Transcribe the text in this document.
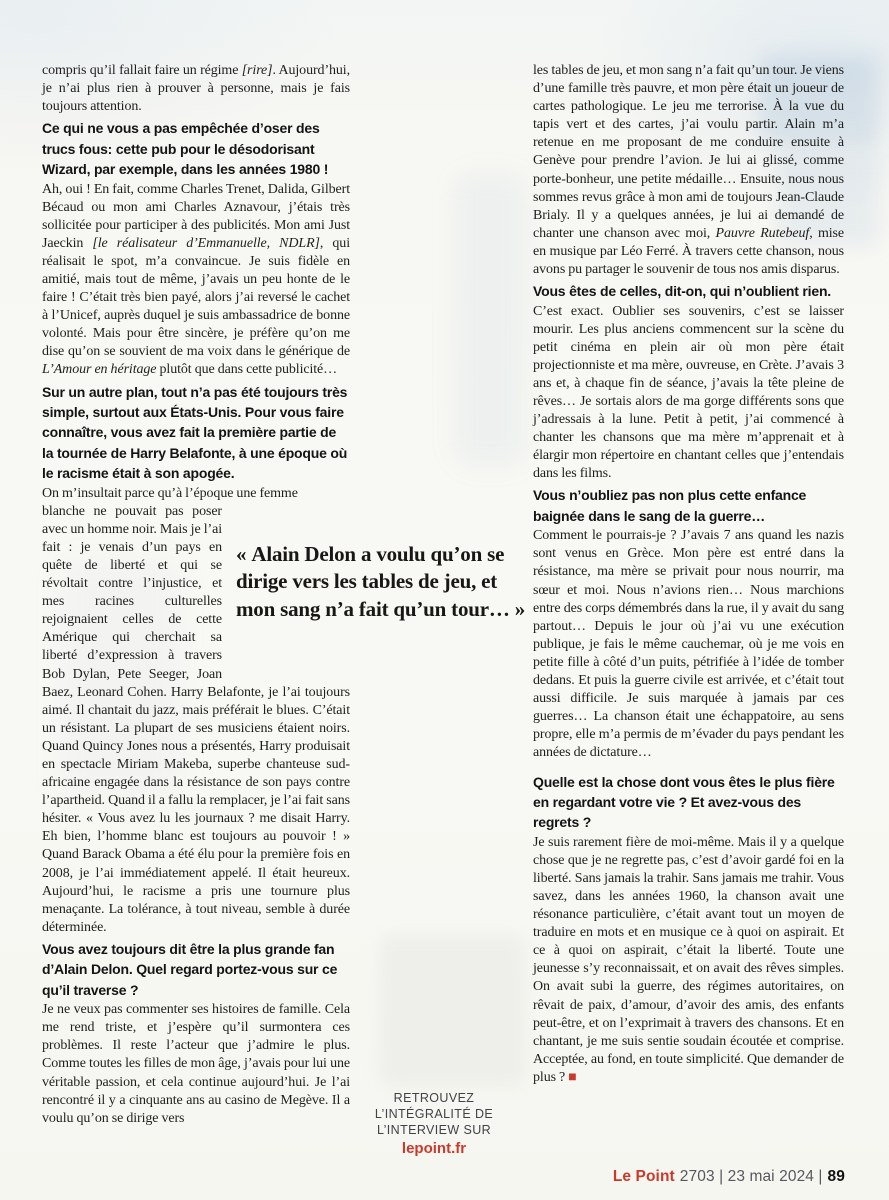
compris qu’il fallait faire un régime [rire]. Aujourd’hui, je n’ai plus rien à prouver à personne, mais je fais toujours attention.

Ce qui ne vous a pas empêchée d’oser des trucs fous: cette pub pour le désodorisant Wizard, par exemple, dans les années 1980 !

Ah, oui ! En fait, comme Charles Trenet, Dalida, Gilbert Bécaud ou mon ami Charles Aznavour, j’étais très sollicitée pour participer à des publicités. Mon ami Just Jaeckin [le réalisateur d’Emmanuelle, NDLR], qui réalisait le spot, m’a convaincue. Je suis fidèle en amitié, mais tout de même, j’avais un peu honte de le faire ! C’était très bien payé, alors j’ai reversé le cachet à l’Unicef, auprès duquel je suis ambassadrice de bonne volonté. Mais pour être sincère, je préfère qu’on me dise qu’on se souvient de ma voix dans le générique de L’Amour en héritage plutôt que dans cette publicité…

Sur un autre plan, tout n’a pas été toujours très simple, surtout aux États-Unis. Pour vous faire connaître, vous avez fait la première partie de la tournée de Harry Belafonte, à une époque où le racisme était à son apogée.

On m’insultait parce qu’à l’époque une femme

blanche ne pouvait pas poser avec un homme noir. Mais je l’ai fait : je venais d’un pays en quête de liberté et qui se révoltait contre l’injustice, et mes racines culturelles rejoignaient celles de cette Amérique qui cherchait sa liberté d’expression à travers Bob Dylan, Pete Seeger, Joan Baez, Leonard Cohen. Harry Belafonte, je l’ai toujours aimé. Il chantait du jazz, mais préférait le blues. C’était un résistant. La plupart de ses musiciens étaient noirs. Quand Quincy Jones nous a présentés, Harry produisait en spectacle Miriam Makeba, superbe chanteuse sud-africaine engagée dans la résistance de son pays contre l’apartheid. Quand il a fallu la remplacer, je l’ai fait sans hésiter. « Vous avez lu les journaux ? me disait Harry. Eh bien, l’homme blanc est toujours au pouvoir ! » Quand Barack Obama a été élu pour la première fois en 2008, je l’ai immédiatement appelé. Il était heureux. Aujourd’hui, le racisme a pris une tournure plus menaçante. La tolérance, à tout niveau, semble à durée déterminée.

Vous avez toujours dit être la plus grande fan d’Alain Delon. Quel regard portez-vous sur ce qu’il traverse ?

Je ne veux pas commenter ses histoires de famille. Cela me rend triste, et j’espère qu’il surmontera ces problèmes. Il reste l’acteur que j’admire le plus. Comme toutes les filles de mon âge, j’avais pour lui une véritable passion, et cela continue aujourd’hui. Je l’ai rencontré il y a cinquante ans au casino de Megève. Il a voulu qu’on se dirige vers

les tables de jeu, et mon sang n’a fait qu’un tour. Je viens d’une famille très pauvre, et mon père était un joueur de cartes pathologique. Le jeu me terrorise. À la vue du tapis vert et des cartes, j’ai voulu partir. Alain m’a retenue en me proposant de me conduire ensuite à Genève pour prendre l’avion. Je lui ai glissé, comme porte-bonheur, une petite médaille… Ensuite, nous nous sommes revus grâce à mon ami de toujours Jean-Claude Brialy. Il y a quelques années, je lui ai demandé de chanter une chanson avec moi, Pauvre Rutebeuf, mise en musique par Léo Ferré. À travers cette chanson, nous avons pu partager le souvenir de tous nos amis disparus.

Vous êtes de celles, dit-on, qui n’oublient rien.

C’est exact. Oublier ses souvenirs, c’est se laisser mourir. Les plus anciens commencent sur la scène du petit cinéma en plein air où mon père était projectionniste et ma mère, ouvreuse, en Crète. J’avais 3 ans et, à chaque fin de séance, j’avais la tête pleine de rêves… Je sortais alors de ma gorge différents sons que j’adressais à la lune. Petit à petit, j’ai commencé à chanter les chansons que ma mère m’apprenait et à élargir mon répertoire en chantant celles que j’entendais dans les films.

Vous n’oubliez pas non plus cette enfance baignée dans le sang de la guerre…

Comment le pourrais-je ? J’avais 7 ans quand les nazis sont venus en Grèce. Mon père est entré dans la résistance, ma mère se privait pour nous nourrir, ma sœur et moi. Nous n’avions rien… Nous marchions entre des corps démembrés dans la rue, il y avait du sang partout… Depuis le jour où j’ai vu une exécution publique, je fais le même cauchemar, où je me vois en petite fille à côté d’un puits, pétrifiée à l’idée de tomber dedans. Et puis la guerre civile est arrivée, et c’était tout aussi difficile. Je suis marquée à jamais par ces guerres… La chanson était une échappatoire, au sens propre, elle m’a permis de m’évader du pays pendant les années de dictature…

Quelle est la chose dont vous êtes le plus fière en regardant votre vie ? Et avez-vous des regrets ?

Je suis rarement fière de moi-même. Mais il y a quelque chose que je ne regrette pas, c’est d’avoir gardé foi en la liberté. Sans jamais la trahir. Sans jamais me trahir. Vous savez, dans les années 1960, la chanson avait une résonance particulière, c’était avant tout un moyen de traduire en mots et en musique ce à quoi on aspirait. Et ce à quoi on aspirait, c’était la liberté. Toute une jeunesse s’y reconnaissait, et on avait des rêves simples. On avait subi la guerre, des régimes autoritaires, on rêvait de paix, d’amour, d’avoir des amis, des enfants peut-être, et on l’exprimait à travers des chansons. Et en chantant, je me suis sentie soudain écoutée et comprise. Acceptée, au fond, en toute simplicité. Que demander de plus ? ■

« Alain Delon a voulu qu’on se dirige vers les tables de jeu, et mon sang n’a fait qu’un tour… »
RETROUVEZ
L’INTÉGRALITÉ DE
L’INTERVIEW SUR
lepoint.fr
Le Point 2703 | 23 mai 2024 | 89
